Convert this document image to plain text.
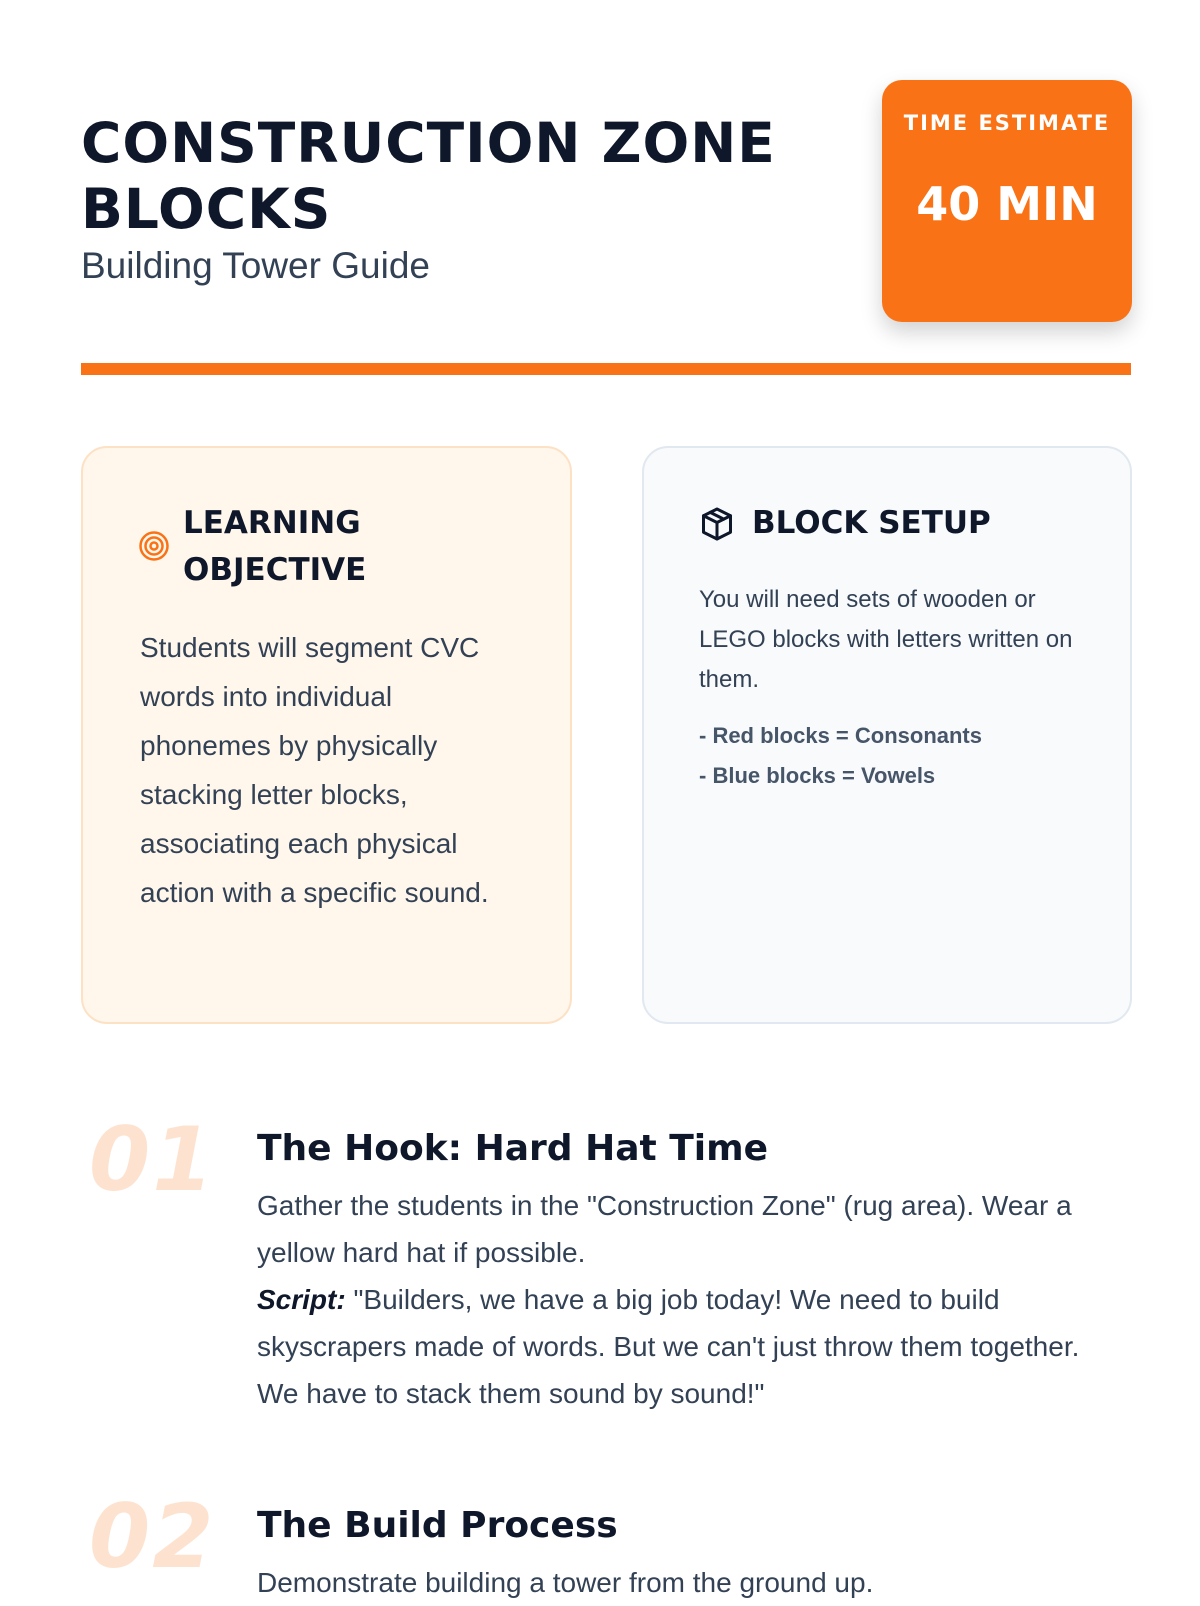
CONSTRUCTION ZONE BLOCKS

Building Tower Guide

TIME ESTIMATE
40 MIN
LEARNING OBJECTIVE

Students will segment CVC words into individual phonemes by physically stacking letter blocks, associating each physical action with a specific sound.

BLOCK SETUP

You will need sets of wooden or LEGO blocks with letters written on them.

- Red blocks = Consonants
- Blue blocks = Vowels
01 The Hook: Hard Hat Time

Gather the students in the "Construction Zone" (rug area). Wear a yellow hard hat if possible.
Script: "Builders, we have a big job today! We need to build skyscrapers made of words. But we can't just throw them together. We have to stack them sound by sound!"

02 The Build Process

Demonstrate building a tower from the ground up.
